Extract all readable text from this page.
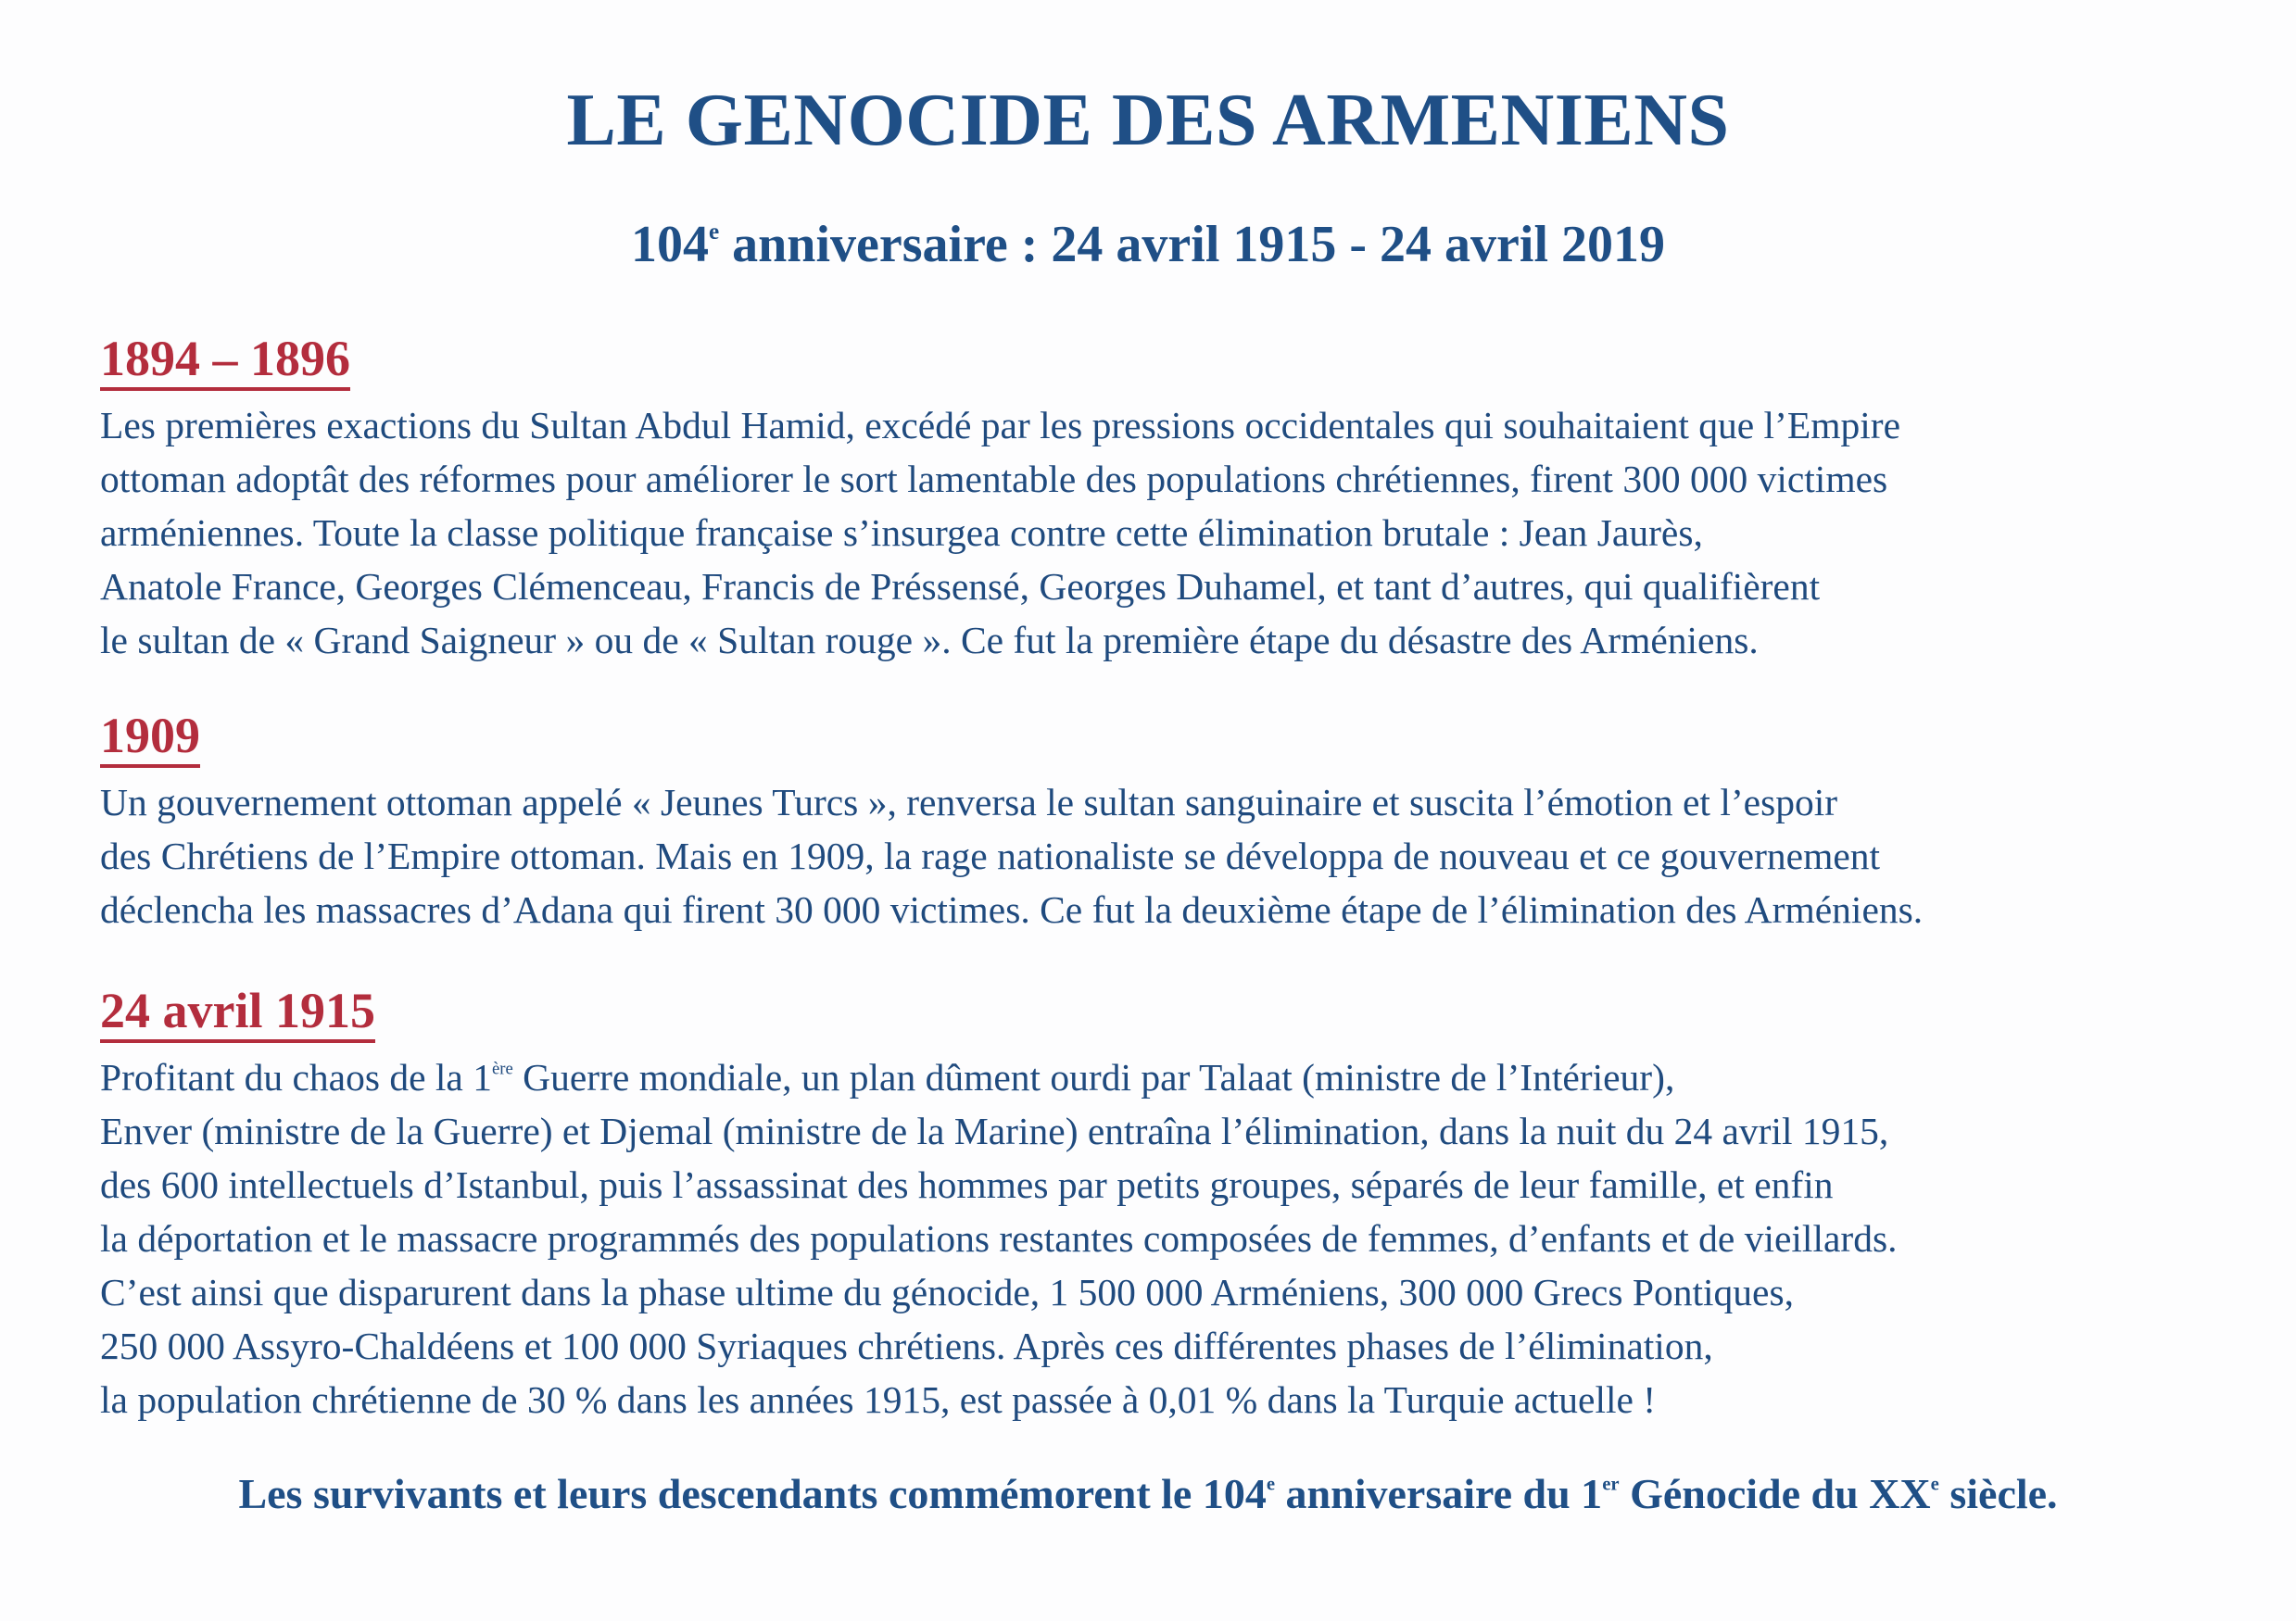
LE GENOCIDE DES ARMENIENS
104e anniversaire : 24 avril 1915 - 24 avril 2019
1894 – 1896

Les premières exactions du Sultan Abdul Hamid, excédé par les pressions occidentales qui souhaitaient que l’Empire
ottoman adoptât des réformes pour améliorer le sort lamentable des populations chrétiennes, firent 300 000 victimes
arméniennes. Toute la classe politique française s’insurgea contre cette élimination brutale : Jean Jaurès,
Anatole France, Georges Clémenceau, Francis de Préssensé, Georges Duhamel, et tant d’autres, qui qualifièrent
le sultan de « Grand Saigneur » ou de « Sultan rouge ». Ce fut la première étape du désastre des Arméniens.

1909

Un gouvernement ottoman appelé « Jeunes Turcs », renversa le sultan sanguinaire et suscita l’émotion et l’espoir
des Chrétiens de l’Empire ottoman. Mais en 1909, la rage nationaliste se développa de nouveau et ce gouvernement
déclencha les massacres d’Adana qui firent 30 000 victimes. Ce fut la deuxième étape de l’élimination des Arméniens.

24 avril 1915

Profitant du chaos de la 1ère Guerre mondiale, un plan dûment ourdi par Talaat (ministre de l’Intérieur),
Enver (ministre de la Guerre) et Djemal (ministre de la Marine) entraîna l’élimination, dans la nuit du 24 avril 1915,
des 600 intellectuels d’Istanbul, puis l’assassinat des hommes par petits groupes, séparés de leur famille, et enfin
la déportation et le massacre programmés des populations restantes composées de femmes, d’enfants et de vieillards.
C’est ainsi que disparurent dans la phase ultime du génocide, 1 500 000 Arméniens, 300 000 Grecs Pontiques,
250 000 Assyro-Chaldéens et 100 000 Syriaques chrétiens. Après ces différentes phases de l’élimination,
la population chrétienne de 30 % dans les années 1915, est passée à 0,01 % dans la Turquie actuelle !

Les survivants et leurs descendants commémorent le 104e anniversaire du 1er Génocide du XXe siècle.
